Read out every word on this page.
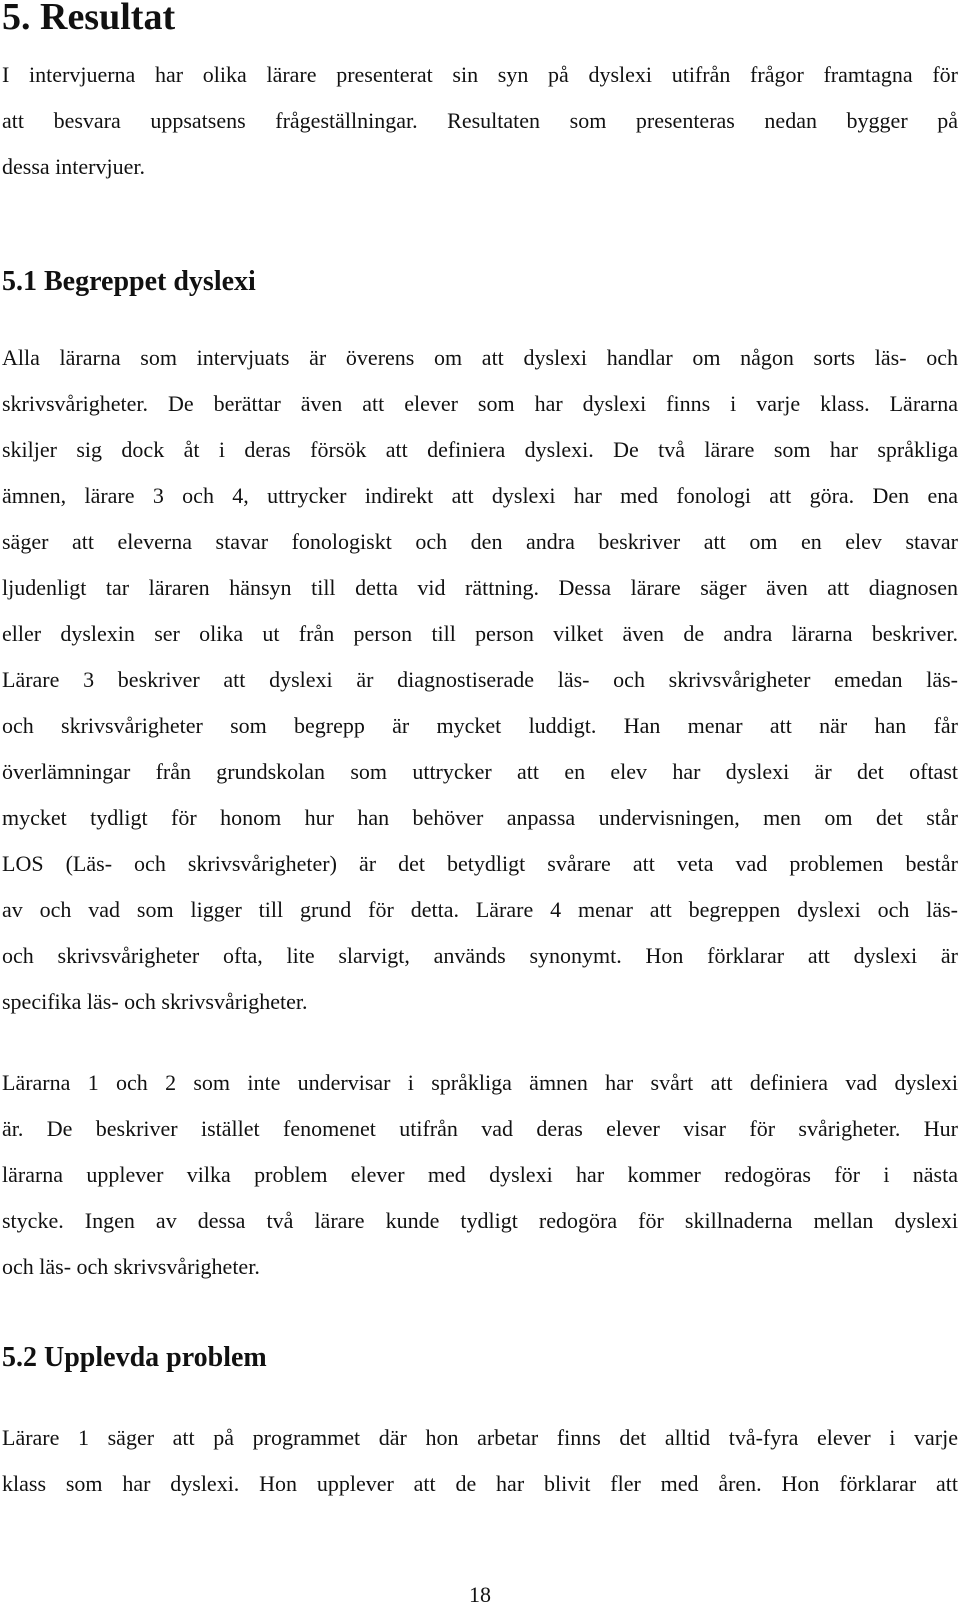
5. Resultat
I intervjuerna har olika lärare presenterat sin syn på dyslexi utifrån frågor framtagna för
att besvara uppsatsens frågeställningar. Resultaten som presenteras nedan bygger på
dessa intervjuer.
5.1 Begreppet dyslexi
Alla lärarna som intervjuats är överens om att dyslexi handlar om någon sorts läs- och
skrivsvårigheter. De berättar även att elever som har dyslexi finns i varje klass. Lärarna
skiljer sig dock åt i deras försök att definiera dyslexi. De två lärare som har språkliga
ämnen, lärare 3 och 4, uttrycker indirekt att dyslexi har med fonologi att göra. Den ena
säger att eleverna stavar fonologiskt och den andra beskriver att om en elev stavar
ljudenligt tar läraren hänsyn till detta vid rättning. Dessa lärare säger även att diagnosen
eller dyslexin ser olika ut från person till person vilket även de andra lärarna beskriver.
Lärare 3 beskriver att dyslexi är diagnostiserade läs- och skrivsvårigheter emedan läs-
och skrivsvårigheter som begrepp är mycket luddigt. Han menar att när han får
överlämningar från grundskolan som uttrycker att en elev har dyslexi är det oftast
mycket tydligt för honom hur han behöver anpassa undervisningen, men om det står
LOS (Läs- och skrivsvårigheter) är det betydligt svårare att veta vad problemen består
av och vad som ligger till grund för detta. Lärare 4 menar att begreppen dyslexi och läs-
och skrivsvårigheter ofta, lite slarvigt, används synonymt. Hon förklarar att dyslexi är
specifika läs- och skrivsvårigheter.
Lärarna 1 och 2 som inte undervisar i språkliga ämnen har svårt att definiera vad dyslexi
är. De beskriver istället fenomenet utifrån vad deras elever visar för svårigheter. Hur
lärarna upplever vilka problem elever med dyslexi har kommer redogöras för i nästa
stycke. Ingen av dessa två lärare kunde tydligt redogöra för skillnaderna mellan dyslexi
och läs- och skrivsvårigheter.
5.2 Upplevda problem
Lärare 1 säger att på programmet där hon arbetar finns det alltid två-fyra elever i varje
klass som har dyslexi. Hon upplever att de har blivit fler med åren. Hon förklarar att
18
